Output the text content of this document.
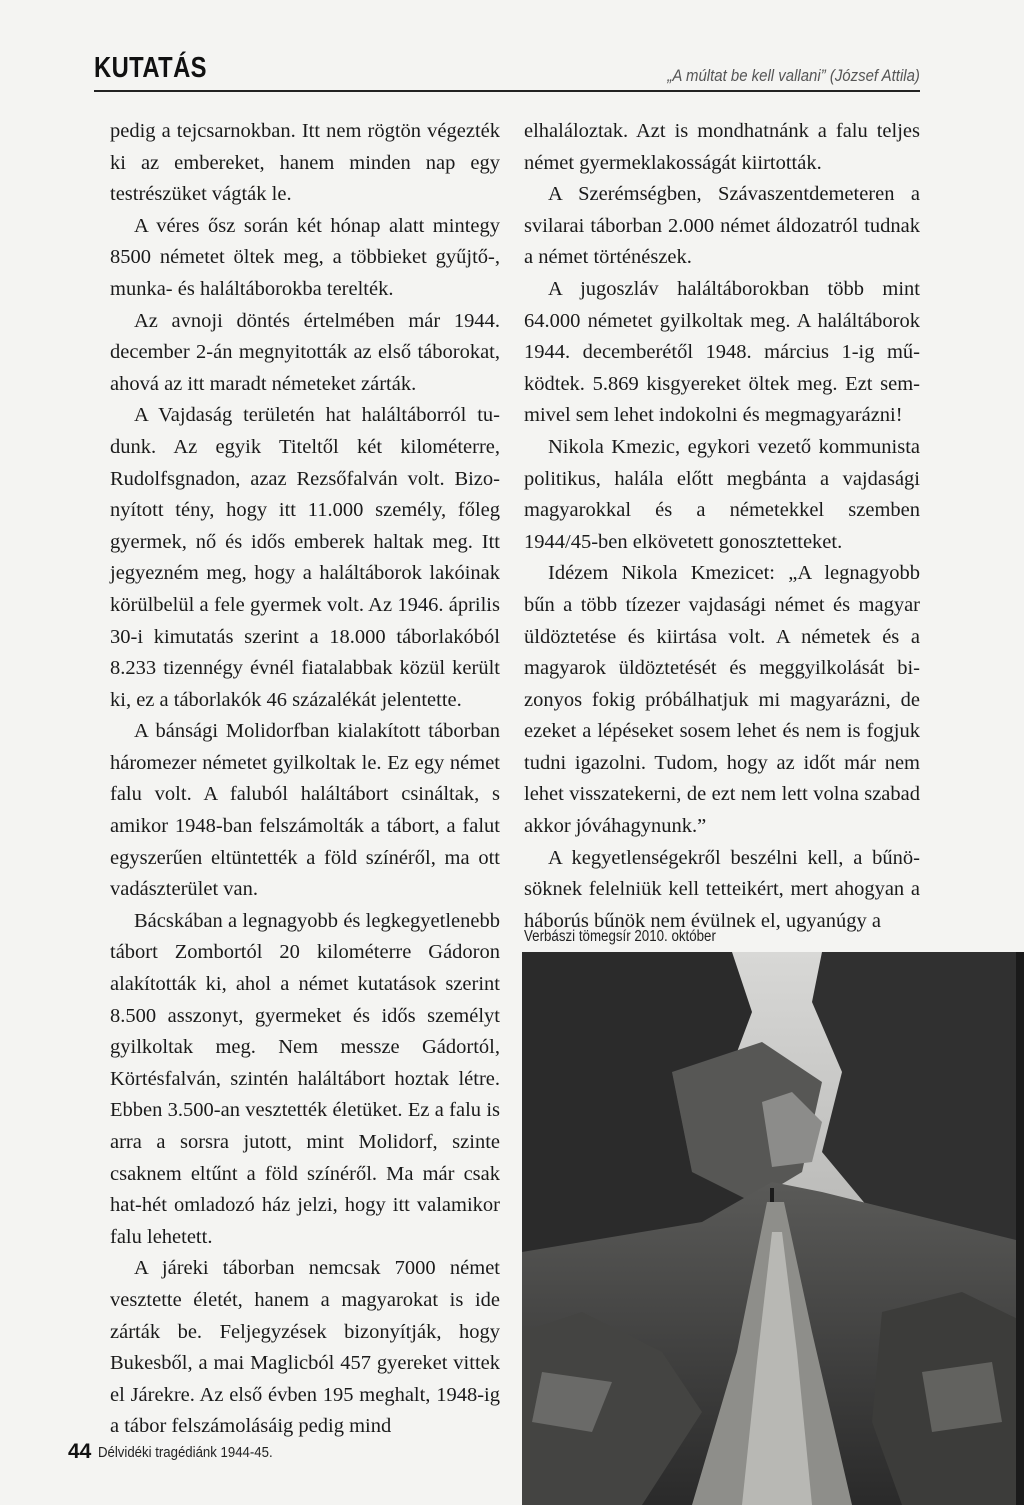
KUTATÁS	„A múltat be kell vallani” (József Attila)

pedig a tejcsarnokban. Itt nem rögtön végezték ki az embereket, hanem minden nap egy testrészüket vágták le.

A véres ősz során két hónap alatt mintegy 8500 németet öltek meg, a többieket gyűjtő-, munka- és haláltáborokba terelték.

Az avnoji döntés értelmében már 1944. december 2-án megnyitották az első táborokat, ahová az itt maradt németeket zárták.

A Vajdaság területén hat haláltáborról tudunk. Az egyik Titeltől két kilométerre, Rudolfsgnadon, azaz Rezsőfalván volt. Bizonyított tény, hogy itt 11.000 személy, főleg gyermek, nő és idős emberek haltak meg. Itt jegyezném meg, hogy a haláltáborok lakóinak körülbelül a fele gyermek volt. Az 1946. április 30-i kimutatás szerint a 18.000 táborlakóból 8.233 tizennégy évnél fiatalabbak közül került ki, ez a táborlakók 46 százalékát jelentette.

A bánsági Molidorfban kialakított táborban háromezer németet gyilkoltak le. Ez egy német falu volt. A faluból haláltábort csináltak, s amikor 1948-ban felszámolták a tábort, a falut egyszerűen eltüntették a föld színéről, ma ott vadászterület van.

Bácskában a legnagyobb és legkegyetlenebb tábort Zombortól 20 kilométerre Gádoron alakították ki, ahol a német kutatások szerint 8.500 asszonyt, gyermeket és idős személyt gyilkoltak meg. Nem messze Gádortól, Körtésfalván, szintén haláltábort hoztak létre. Ebben 3.500-an vesztették életüket. Ez a falu is arra a sorsra jutott, mint Molidorf, szinte csaknem eltűnt a föld színéről. Ma már csak hat-hét omladozó ház jelzi, hogy itt valamikor falu lehetett.

A járeki táborban nemcsak 7000 német vesztette életét, hanem a magyarokat is ide zárták be. Feljegyzések bizonyítják, hogy Bukesből, a mai Maglicból 457 gyereket vittek el Járekre. Az első évben 195 meghalt, 1948-ig a tábor felszámolásáig pedig mind

elhaláloztak. Azt is mondhatnánk a falu teljes német gyermeklakosságát kiirtották.

A Szerémségben, Szávaszentdemeteren a svilarai táborban 2.000 német áldozatról tudnak a német történészek.

A jugoszláv haláltáborokban több mint 64.000 németet gyilkoltak meg. A haláltáborok 1944. decemberétől 1948. március 1-ig működtek. 5.869 kisgyereket öltek meg. Ezt semmivel sem lehet indokolni és megmagyarázni!

Nikola Kmezic, egykori vezető kommunista politikus, halála előtt megbánta a vajdasági magyarokkal és a németekkel szemben 1944/45-ben elkövetett gonosztetteket.

Idézem Nikola Kmezicet: „A legnagyobb bűn a több tízezer vajdasági német és magyar üldöztetése és kiirtása volt. A németek és a magyarok üldöztetését és meggyilkolását bizonyos fokig próbálhatjuk mi magyarázni, de ezeket a lépéseket sosem lehet és nem is fogjuk tudni igazolni. Tudom, hogy az időt már nem lehet visszatekerni, de ezt nem lett volna szabad akkor jóváhagynunk.”

A kegyetlenségekről beszélni kell, a bűnösöknek felelniük kell tetteikért, mert ahogyan a háborús bűnök nem évülnek el, ugyanúgy a

Verbászi tömegsír 2010. október
44 Délvidéki tragédiánk 1944-45.
